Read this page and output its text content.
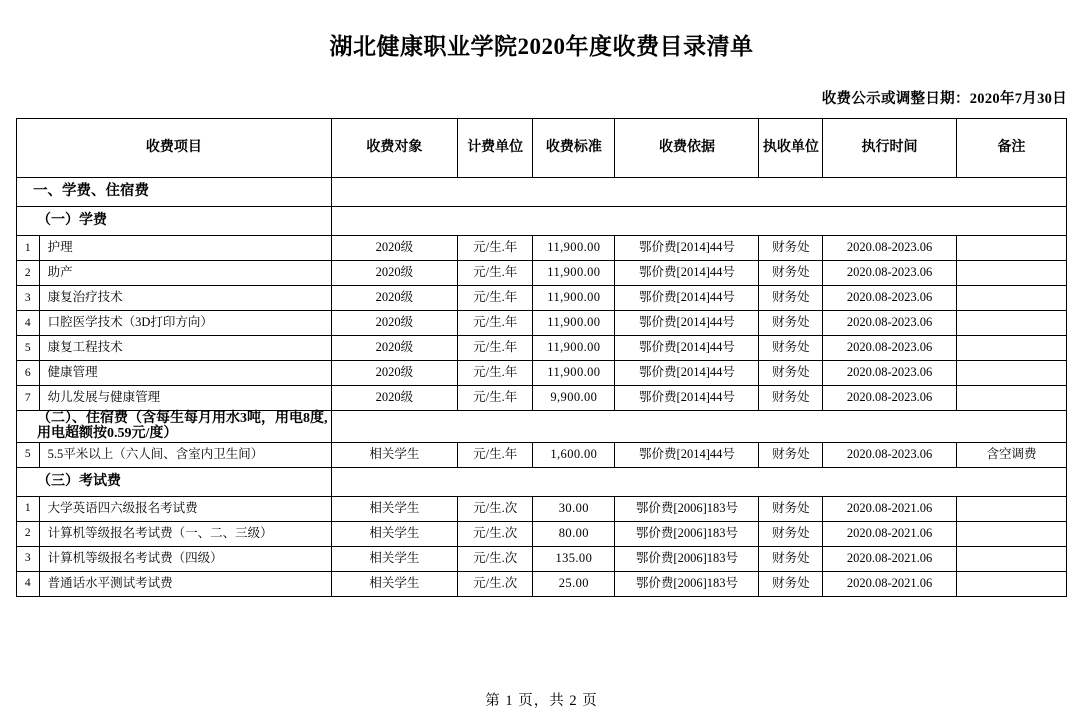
湖北健康职业学院2020年度收费目录清单
收费公示或调整日期：2020年7月30日
收费项目		收费对象	计费单位	收费标准	收费依据	执收单位	执行时间	备注
一、学费、住宿费								
（一）学费								
1	护理	2020级	元/生.年	11,900.00	鄂价费[2014]44号	财务处	2020.08-2023.06	
2	助产	2020级	元/生.年	11,900.00	鄂价费[2014]44号	财务处	2020.08-2023.06	
3	康复治疗技术	2020级	元/生.年	11,900.00	鄂价费[2014]44号	财务处	2020.08-2023.06	
4	口腔医学技术（3D打印方向）	2020级	元/生.年	11,900.00	鄂价费[2014]44号	财务处	2020.08-2023.06	
5	康复工程技术	2020级	元/生.年	11,900.00	鄂价费[2014]44号	财务处	2020.08-2023.06	
6	健康管理	2020级	元/生.年	11,900.00	鄂价费[2014]44号	财务处	2020.08-2023.06	
7	幼儿发展与健康管理	2020级	元/生.年	9,900.00	鄂价费[2014]44号	财务处	2020.08-2023.06	
（二）、住宿费（含每生每月用水3吨，用电8度,用电超额按0.59元/度）								
5	5.5平米以上（六人间、含室内卫生间）	相关学生	元/生.年	1,600.00	鄂价费[2014]44号	财务处	2020.08-2023.06	含空调费
（三）考试费								
1	大学英语四六级报名考试费	相关学生	元/生.次	30.00	鄂价费[2006]183号	财务处	2020.08-2021.06	
2	计算机等级报名考试费（一、二、三级）	相关学生	元/生.次	80.00	鄂价费[2006]183号	财务处	2020.08-2021.06	
3	计算机等级报名考试费（四级）	相关学生	元/生.次	135.00	鄂价费[2006]183号	财务处	2020.08-2021.06	
4	普通话水平测试考试费	相关学生	元/生.次	25.00	鄂价费[2006]183号	财务处	2020.08-2021.06	
第 1 页，共 2 页
